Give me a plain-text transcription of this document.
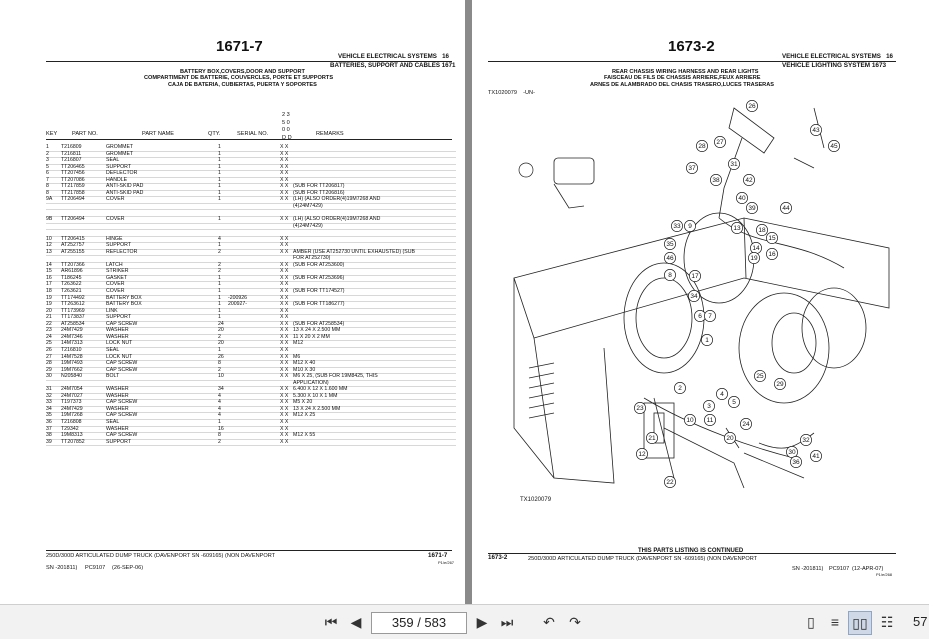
1671-7
VEHICLE ELECTRICAL SYSTEMS 16
BATTERIES, SUPPORT AND CABLES 1671
BATTERY BOX,COVERS,DOOR AND SUPPORT
COMPARTIMENT DE BATTERIE, COUVERCLES, PORTE ET SUPPORTS
CAJA DE BATERIA, CUBIERTAS, PUERTA Y SOPORTES
2 3
5 0
0 0
D D
KEY	PART NO.	PART NAME	QTY.	SERIAL NO.	REMARKS
1 T216809	GROMMET	1	X X
2 T216811	GROMMET	1	X X
3 T216807	SEAL	1	X X
5 TT206465	SUPPORT	1	X X
6 TT207456	DEFLECTOR	1	X X
7 TT207086	HANDLE	1	X X
8 TT217859	ANTI-SKID PAD	1	X X (SUB FOR TT206817)
8 TT217858	ANTI-SKID PAD	1	X X (SUB FOR TT206816)
9A TT206494	COVER	1	X X (LH) (ALSO ORDER(4)19M7268 AND
(4)24M7429)
9B TT206494	COVER	1	X X (LH) (ALSO ORDER(4)19M7268 AND
(4)24M7429)
10 TT206415	HINGE	4	X X
12 AT252757	SUPPORT	1	X X
13 AT255155	REFLECTOR	2	X X AMBER (USE AT252730 UNTIL EXHAUSTED) (SUB
FOR AT252730)
14 TT207366	LATCH	2	X X (SUB FOR AT253600)
15 AR61896	STRIKER	2	X X
16 T186245	GASKET	1	X X (SUB FOR AT253696)
17 T263622	COVER	1	X X
18 T263621	COVER	1	X X (SUB FOR TT174527)
19 TT174492	BATTERY BOX	1 -200926	X X
19 TT263612	BATTERY BOX	1 200927-	X X (SUB FOR TT186277)
20 TT173969	LINK	1	X X
21 TT173837	SUPPORT	1	X X
22 AT258534	CAP SCREW	24	X X (SUB FOR AT258534)
23 24M7429	WASHER	20	X X 13 X 24 X 2.500 MM
24 24M7346	WASHER	2	X X 11 X 20 X 2 MM
25 14M7313	LOCK NUT	20	X X M12
26 T216810	SEAL	1	X X
27 14M7528	LOCK NUT	26	X X M6
28 19M7493	CAP SCREW	8	X X M12 X 40
29 19M7662	CAP SCREW	2	X X M10 X 30
30 N205840	BOLT	10	X X M6 X 25, (SUB FOR 19M8425, THIS
APPLICATION)
31 24M7054	WASHER	34	X X 6.400 X 12 X 1.600 MM
32 24M7027	WASHER	4	X X 5.300 X 10 X 1 MM
33 T197373	CAP SCREW	4	X X M5 X 20
34 24M7429	WASHER	4	X X 13 X 24 X 2.500 MM
35 19M7268	CAP SCREW	4	X X M12 X 25
36 T216808	SEAL	1	X X
37 T29342	WASHER	16	X X
38 19M8313	CAP SCREW	8	X X M12 X 55
39 TT207852	SUPPORT	2	X X
250D/300D ARTICULATED DUMP TRUCK (DAVENPORT SN -609165) (NON DAVENPORT
SN -201811) PC9107 (26-SEP-06)
1671-7
P1/e/267
1673-2
VEHICLE ELECTRICAL SYSTEMS 16
VEHICLE LIGHTING SYSTEM 1673
REAR CHASSIS WIRING HARNESS AND REAR LIGHTS
FAISCEAU DE FILS DE CHASSIS ARRIERE,FEUX ARRIERE
ARNES DE ALAMBRADO DEL CHASIS TRASERO,LUCES TRASERAS
TX1020079 -UN-
26
27
43
45
28
31
37
42
38
44
39
40
13
14
18
15
16
19
9
33
35
46
8	17
34
6 7
1
2
3
4
5
10 11
12
21
22
23
20
24
25
29
30
32
36
41
TX1020079
THIS PARTS LISTING IS CONTINUED
1673-2	250D/300D ARTICULATED DUMP TRUCK (DAVENPORT SN -609165) (NON DAVENPORT
SN -201811) PC9107 (12-APR-07)
P1/e/268
⏮ ◀	359 / 583	▶ ⏭	↶	↷	▯	≡ ▯▯ ☷	57
